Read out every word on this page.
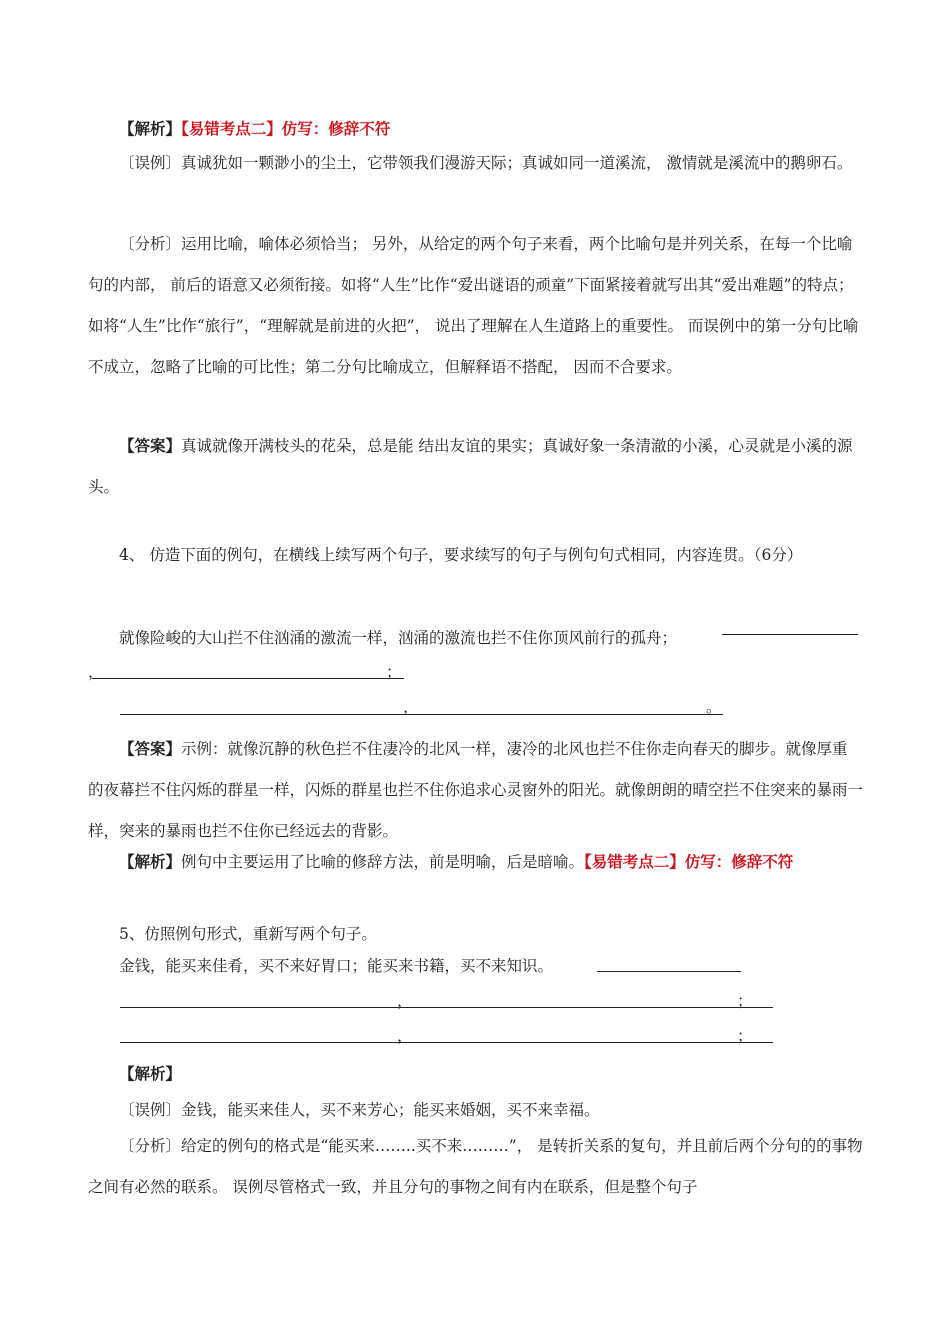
【解析】【易错考点二】仿写：修辞不符
〔误例〕真诚犹如一颗渺小的尘土，它带领我们漫游天际；真诚如同一道溪流， 激情就是溪流中的鹅卵石。
〔分析〕运用比喻，喻体必须恰当； 另外，从给定的两个句子来看，两个比喻句是并列关系，在每一个比喻句的内部， 前后的语意又必须衔接。如将“人生”比作“爱出谜语的顽童”下面紧接着就写出其“爱出难题”的特点； 如将“人生”比作“旅行”，“理解就是前进的火把”， 说出了理解在人生道路上的重要性。 而误例中的第一分句比喻不成立，忽略了比喻的可比性；第二分句比喻成立，但解释语不搭配， 因而不合要求。
【答案】真诚就像开满枝头的花朵，总是能 结出友谊的果实；真诚好象一条清澈的小溪，心灵就是小溪的源头。
4、 仿造下面的例句，在横线上续写两个句子，要求续写的句子与例句句式相同，内容连贯。（6分）
就像险峻的大山拦不住汹涌的激流一样，汹涌的激流也拦不住你顶风前行的孤舟；
，	；
，	。
【答案】示例：就像沉静的秋色拦不住凄冷的北风一样，凄冷的北风也拦不住你走向春天的脚步。就像厚重的夜幕拦不住闪烁的群星一样，闪烁的群星也拦不住你追求心灵窗外的阳光。就像朗朗的晴空拦不住突来的暴雨一样，突来的暴雨也拦不住你已经远去的背影。
【解析】例句中主要运用了比喻的修辞方法，前是明喻，后是暗喻。【易错考点二】仿写：修辞不符
5、仿照例句形式，重新写两个句子。
金钱，能买来佳肴，买不来好胃口；能买来书籍，买不来知识。
，	；
，	；
【解析】
〔误例〕金钱，能买来佳人，买不来芳心；能买来婚姻，买不来幸福。
〔分析〕给定的例句的格式是“能买来……..买不来………”， 是转折关系的复句，并且前后两个分句的的事物之间有必然的联系。 误例尽管格式一致，并且分句的事物之间有内在联系，但是整个句子
